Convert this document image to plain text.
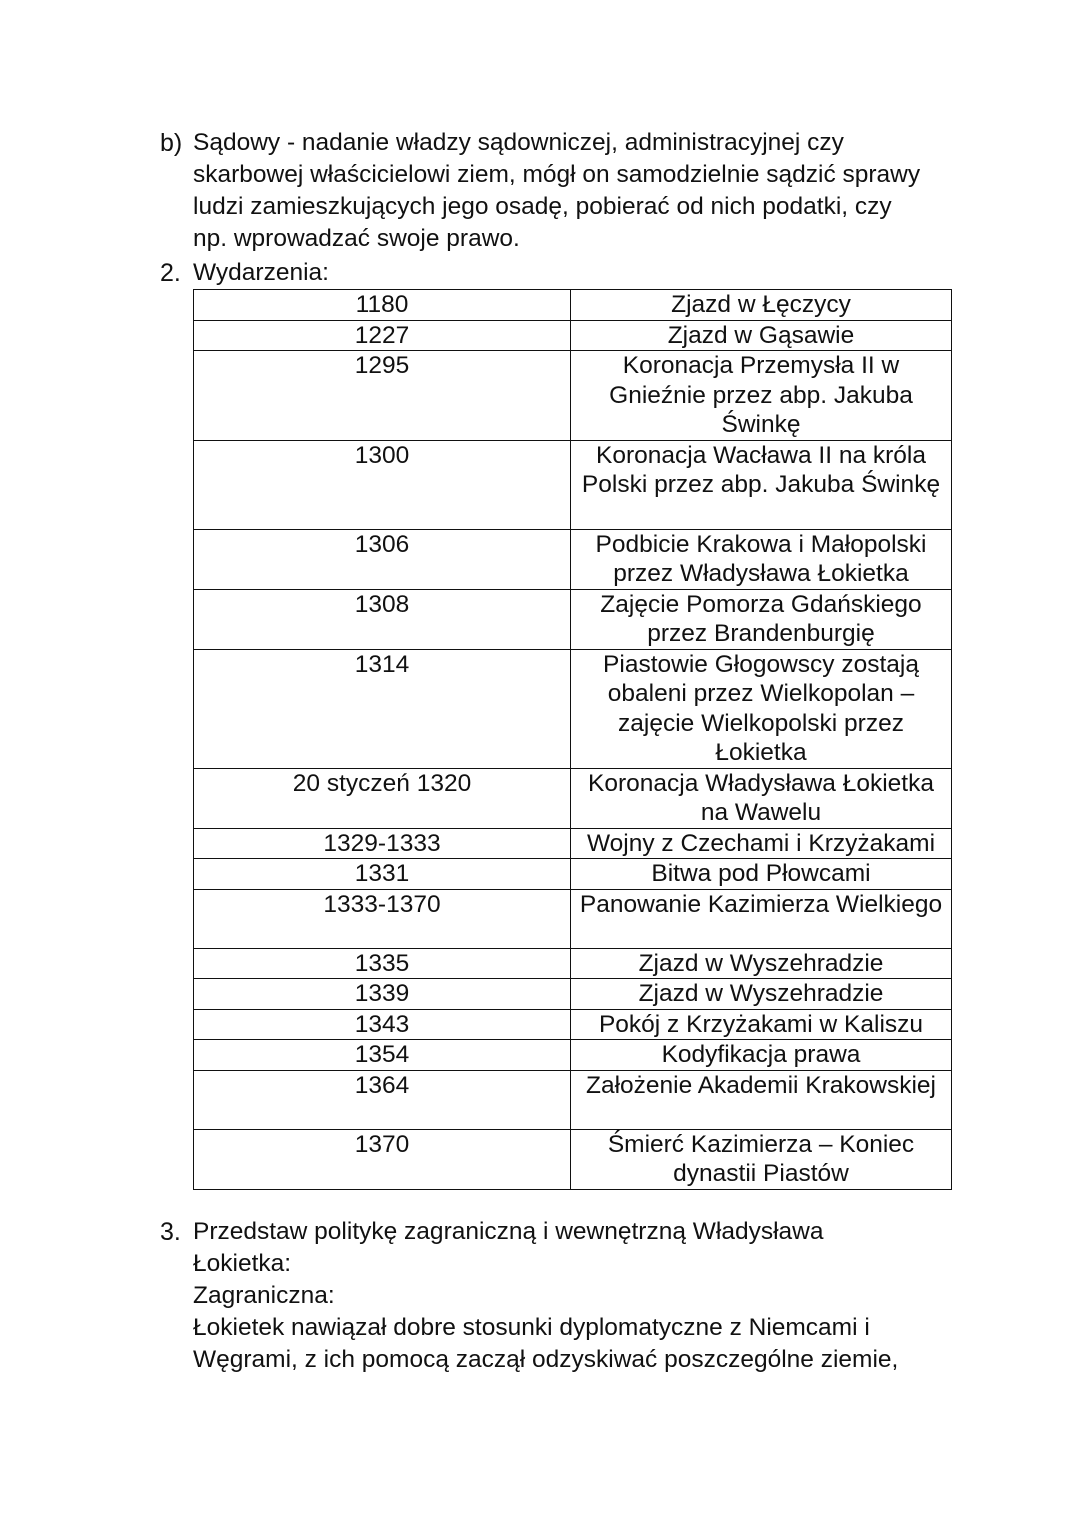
b) Sądowy - nadanie władzy sądowniczej, administracyjnej czy
skarbowej właścicielowi ziem, mógł on samodzielnie sądzić sprawy
ludzi zamieszkujących jego osadę, pobierać od nich podatki, czy
np. wprowadzać swoje prawo.
2. Wydarzenia:
1180	Zjazd w Łęczycy
1227	Zjazd w Gąsawie
1295	Koronacja Przemysła II w Gnieźnie przez abp. Jakuba Świnkę
1300	Koronacja Wacława II na króla Polski przez abp. Jakuba Świnkę
1306	Podbicie Krakowa i Małopolski przez Władysława Łokietka
1308	Zajęcie Pomorza Gdańskiego przez Brandenburgię
1314	Piastowie Głogowscy zostają obaleni przez Wielkopolan – zajęcie Wielkopolski przez Łokietka
20 styczeń 1320	Koronacja Władysława Łokietka na Wawelu
1329-1333	Wojny z Czechami i Krzyżakami
1331	Bitwa pod Płowcami
1333-1370	Panowanie Kazimierza Wielkiego
1335	Zjazd w Wyszehradzie
1339	Zjazd w Wyszehradzie
1343	Pokój z Krzyżakami w Kaliszu
1354	Kodyfikacja prawa
1364	Założenie Akademii Krakowskiej
1370	Śmierć Kazimierza – Koniec dynastii Piastów
3. Przedstaw politykę zagraniczną i wewnętrzną Władysława
Łokietka:
Zagraniczna:
Łokietek nawiązał dobre stosunki dyplomatyczne z Niemcami i
Węgrami, z ich pomocą zaczął odzyskiwać poszczególne ziemie,
